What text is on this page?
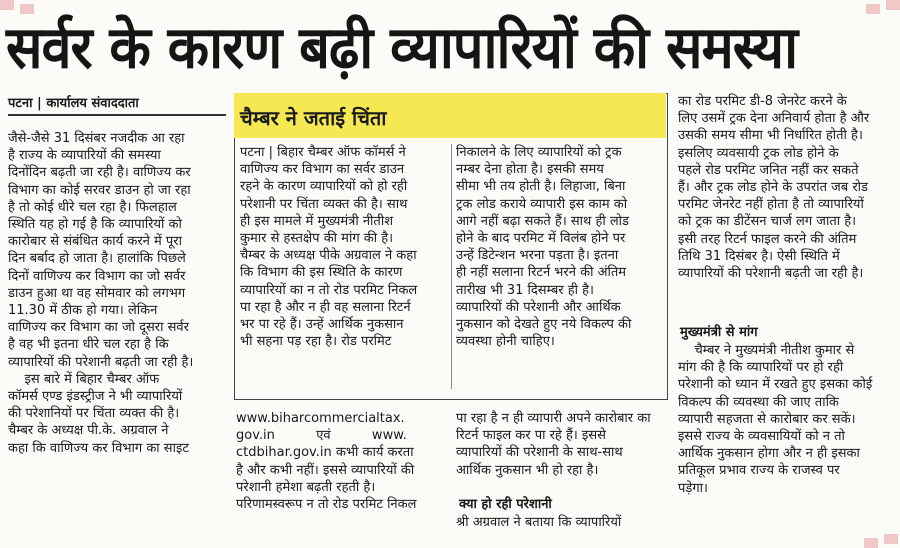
सर्वर के कारण बढ़ी व्यापारियों की समस्या
पटना | कार्यालय संवाददाता
जैसे-जैसे 31 दिसंबर नजदीक आ रहा
है राज्य के व्यापारियों की समस्या
दिनोंदिन बढ़ती जा रही है। वाणिज्य कर
विभाग का कोई सरवर डाउन हो जा रहा
है तो कोई धीरे चल रहा है। फिलहाल
स्थिति यह हो गई है कि व्यापारियों को
कारोबार से संबंधित कार्य करने में पूरा
दिन बर्बाद हो जाता है। हालांकि पिछले
दिनों वाणिज्य कर विभाग का जो सर्वर
डाउन हुआ था वह सोमवार को लगभग
11.30 में ठीक हो गया। लेकिन
वाणिज्य कर विभाग का जो दूसरा सर्वर
है वह भी इतना धीरे चल रहा है कि
व्यापारियों की परेशानी बढ़ती जा रही है।
इस बारे में बिहार चैम्बर ऑफ
कॉमर्स एण्ड इंडस्ट्रीज ने भी व्यापारियों
की परेशानियों पर चिंता व्यक्त की है।
चैम्बर के अध्यक्ष पी.के. अग्रवाल ने
कहा कि वाणिज्य कर विभाग का साइट
चैम्बर ने जताई चिंता
पटना | बिहार चैम्बर ऑफ कॉमर्स ने
वाणिज्य कर विभाग का सर्वर डाउन
रहने के कारण व्यापारियों को हो रही
परेशानी पर चिंता व्यक्त की है। साथ
ही इस मामले में मुख्यमंत्री नीतीश
कुमार से हस्तक्षेप की मांग की है।
चैम्बर के अध्यक्ष पीके अग्रवाल ने कहा
कि विभाग की इस स्थिति के कारण
व्यापारियों का न तो रोड परमिट निकल
पा रहा है और न ही वह सलाना रिटर्न
भर पा रहे हैं। उन्हें आर्थिक नुकसान
भी सहना पड़ रहा है। रोड परमिट
निकालने के लिए व्यापारियों को ट्रक
नम्बर देना होता है। इसकी समय
सीमा भी तय होती है। लिहाजा, बिना
ट्रक लोड कराये व्यापारी इस काम को
आगे नहीं बढ़ा सकते हैं। साथ ही लोड
होने के बाद परमिट में विलंब होने पर
उन्हें डिटेन्शन भरना पड़ता है। इतना
ही नहीं सलाना रिटर्न भरने की अंतिम
तारीख भी 31 दिसम्बर ही है।
व्यापारियों की परेशानी और आर्थिक
नुकसान को देखते हुए नये विकल्प की
व्यवस्था होनी चाहिए।
www.biharcommercialtax.
gov.in          एवं          www.
ctdbihar.gov.in कभी कार्य करता
है और कभी नहीं। इससे व्यापारियों की
परेशानी हमेशा बढ़ती रहती है।
परिणामस्वरूप न तो रोड परमिट निकल
पा रहा है न ही व्यापारी अपने कारोबार का
रिटर्न फाइल कर पा रहे हैं। इससे
व्यापारियों की परेशानी के साथ-साथ
आर्थिक नुकसान भी हो रहा है।
क्या हो रही परेशानी
श्री अग्रवाल ने बताया कि व्यापारियों
का रोड परमिट डी-8 जेनरेट करने के
लिए उसमें ट्रक देना अनिवार्य होता है और
उसकी समय सीमा भी निर्धारित होती है।
इसलिए व्यवसायी ट्रक लोड होने के
पहले रोड परमिट जनित नहीं कर सकते
हैं। और ट्रक लोड होने के उपरांत जब रोड
परमिट जेनरेट नहीं होता है तो व्यापारियों
को ट्रक का डीटेंसन चार्ज लग जाता है।
इसी तरह रिटर्न फाइल करने की अंतिम
तिथि 31 दिसंबर है। ऐसी स्थिति में
व्यापारियों की परेशानी बढ़ती जा रही है।
मुख्यमंत्री से मांग
चैम्बर ने मुख्यमंत्री नीतीश कुमार से
मांग की है कि व्यापारियों पर हो रही
परेशानी को ध्यान में रखते हुए इसका कोई
विकल्प की व्यवस्था की जाए ताकि
व्यापारी सहजता से कारोबार कर सकें।
इससे राज्य के व्यवसायियों को न तो
आर्थिक नुकसान होगा और न ही इसका
प्रतिकूल प्रभाव राज्य के राजस्व पर
पड़ेगा।
